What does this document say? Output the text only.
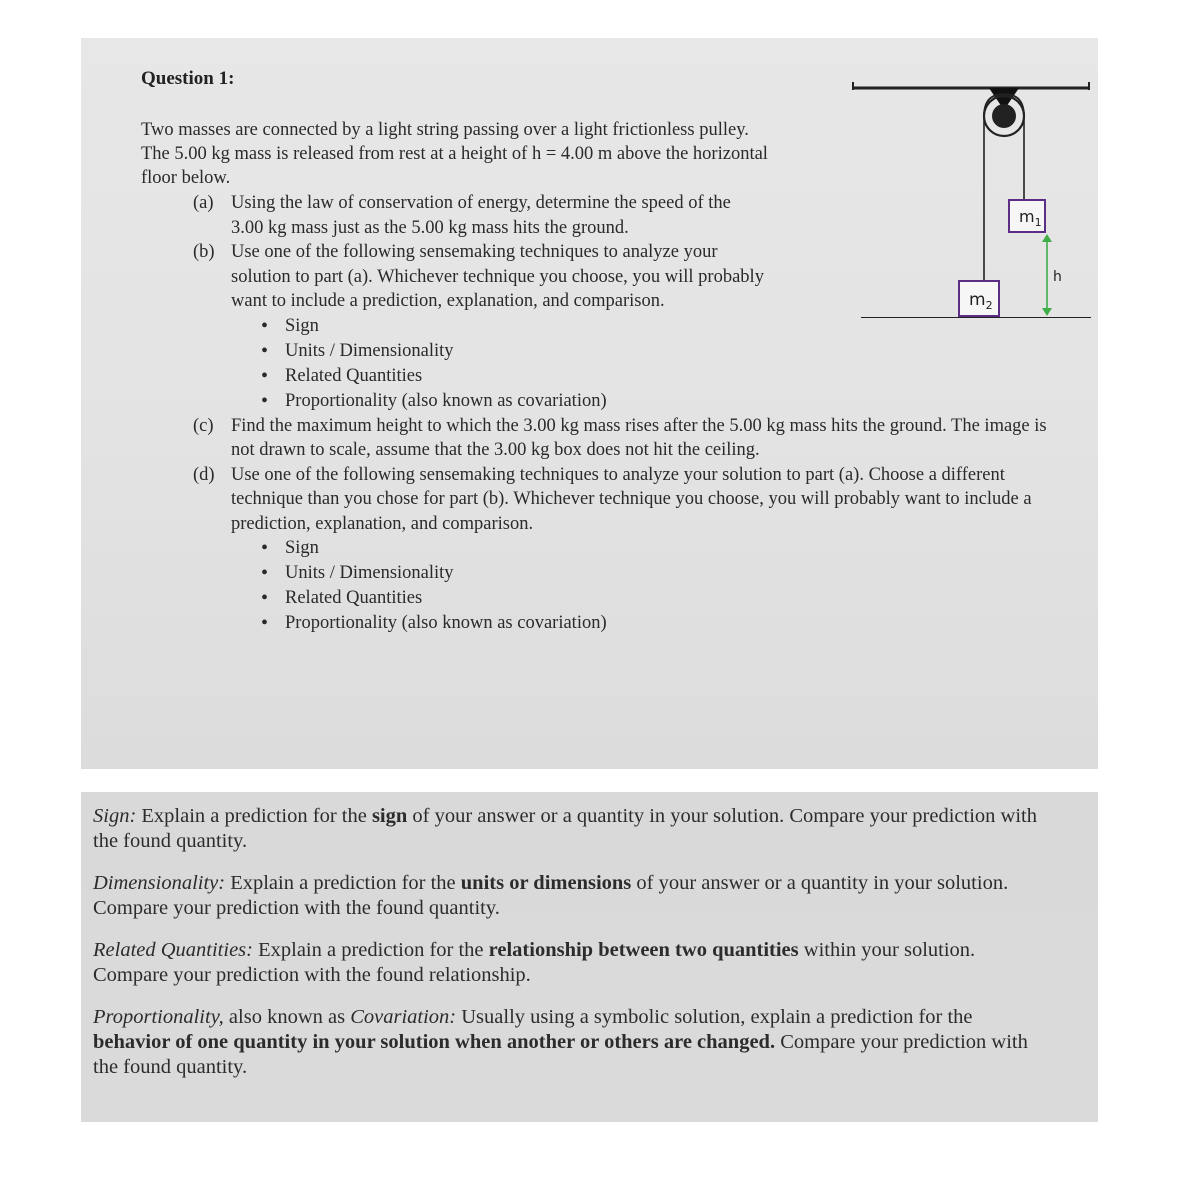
Question 1:
Two masses are connected by a light string passing over a light frictionless pulley. The 5.00 kg mass is released from rest at a height of h = 4.00 m above the horizontal floor below.
(a) Using the law of conservation of energy, determine the speed of the 3.00 kg mass just as the 5.00 kg mass hits the ground.
(b) Use one of the following sensemaking techniques to analyze your solution to part (a). Whichever technique you choose, you will probably want to include a prediction, explanation, and comparison.
• Sign
• Units / Dimensionality
• Related Quantities
• Proportionality (also known as covariation)
(c) Find the maximum height to which the 3.00 kg mass rises after the 5.00 kg mass hits the ground. The image is not drawn to scale, assume that the 3.00 kg box does not hit the ceiling.
(d) Use one of the following sensemaking techniques to analyze your solution to part (a). Choose a different technique than you chose for part (b). Whichever technique you choose, you will probably want to include a prediction, explanation, and comparison.
• Sign
• Units / Dimensionality
• Related Quantities
• Proportionality (also known as covariation)
$m_1$
$m_2$
h
Sign: Explain a prediction for the sign of your answer or a quantity in your solution. Compare your prediction with the found quantity.
Dimensionality: Explain a prediction for the units or dimensions of your answer or a quantity in your solution. Compare your prediction with the found quantity.
Related Quantities: Explain a prediction for the relationship between two quantities within your solution. Compare your prediction with the found relationship.
Proportionality, also known as Covariation: Usually using a symbolic solution, explain a prediction for the behavior of one quantity in your solution when another or others are changed. Compare your prediction with the found quantity.
